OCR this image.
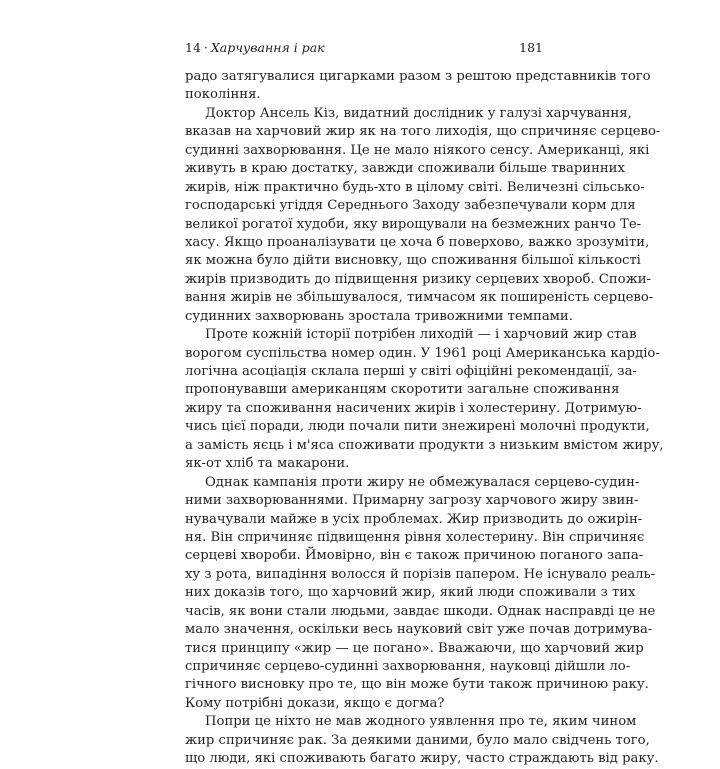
14 · Харчування і рак	181
радо затягувалися цигарками разом з рештою представників того
покоління.
Доктор Ансель Кіз, видатний дослідник у галузі харчування,
вказав на харчовий жир як на того лиходія, що спричиняє серцево-
судинні захворювання. Це не мало ніякого сенсу. Американці, які
живуть в краю достатку, завжди споживали більше тваринних
жирів, ніж практично будь-хто в цілому світі. Величезні сільсько-
господарські угіддя Середнього Заходу забезпечували корм для
великої рогатої худоби, яку вирощували на безмежних ранчо Те-
хасу. Якщо проаналізувати це хоча б поверхово, важко зрозуміти,
як можна було дійти висновку, що споживання більшої кількості
жирів призводить до підвищення ризику серцевих хвороб. Спожи-
вання жирів не збільшувалося, тимчасом як поширеність серцево-
судинних захворювань зростала тривожними темпами.
Проте кожній історії потрібен лиходій — і харчовий жир став
ворогом суспільства номер один. У 1961 році Американська кардіо-
логічна асоціація склала перші у світі офіційні рекомендації, за-
пропонувавши американцям скоротити загальне споживання
жиру та споживання насичених жирів і холестерину. Дотримую-
чись цієї поради, люди почали пити знежирені молочні продукти,
а замість яєць і м'яса споживати продукти з низьким вмістом жиру,
як-от хліб та макарони.
Однак кампанія проти жиру не обмежувалася серцево-судин-
ними захворюваннями. Примарну загрозу харчового жиру звин-
нувачували майже в усіх проблемах. Жир призводить до ожирін-
ня. Він спричиняє підвищення рівня холестерину. Він спричиняє
серцеві хвороби. Ймовірно, він є також причиною поганого запа-
ху з рота, випадіння волосся й порізів папером. Не існувало реаль-
них доказів того, що харчовий жир, який люди споживали з тих
часів, як вони стали людьми, завдає шкоди. Однак насправді це не
мало значення, оскільки весь науковий світ уже почав дотримува-
тися принципу «жир — це погано». Вважаючи, що харчовий жир
спричиняє серцево-судинні захворювання, науковці дійшли ло-
гічного висновку про те, що він може бути також причиною раку.
Кому потрібні докази, якщо є догма?
Попри це ніхто не мав жодного уявлення про те, яким чином
жир спричиняє рак. За деякими даними, було мало свідчень того,
що люди, які споживають багато жиру, часто страждають від раку.
